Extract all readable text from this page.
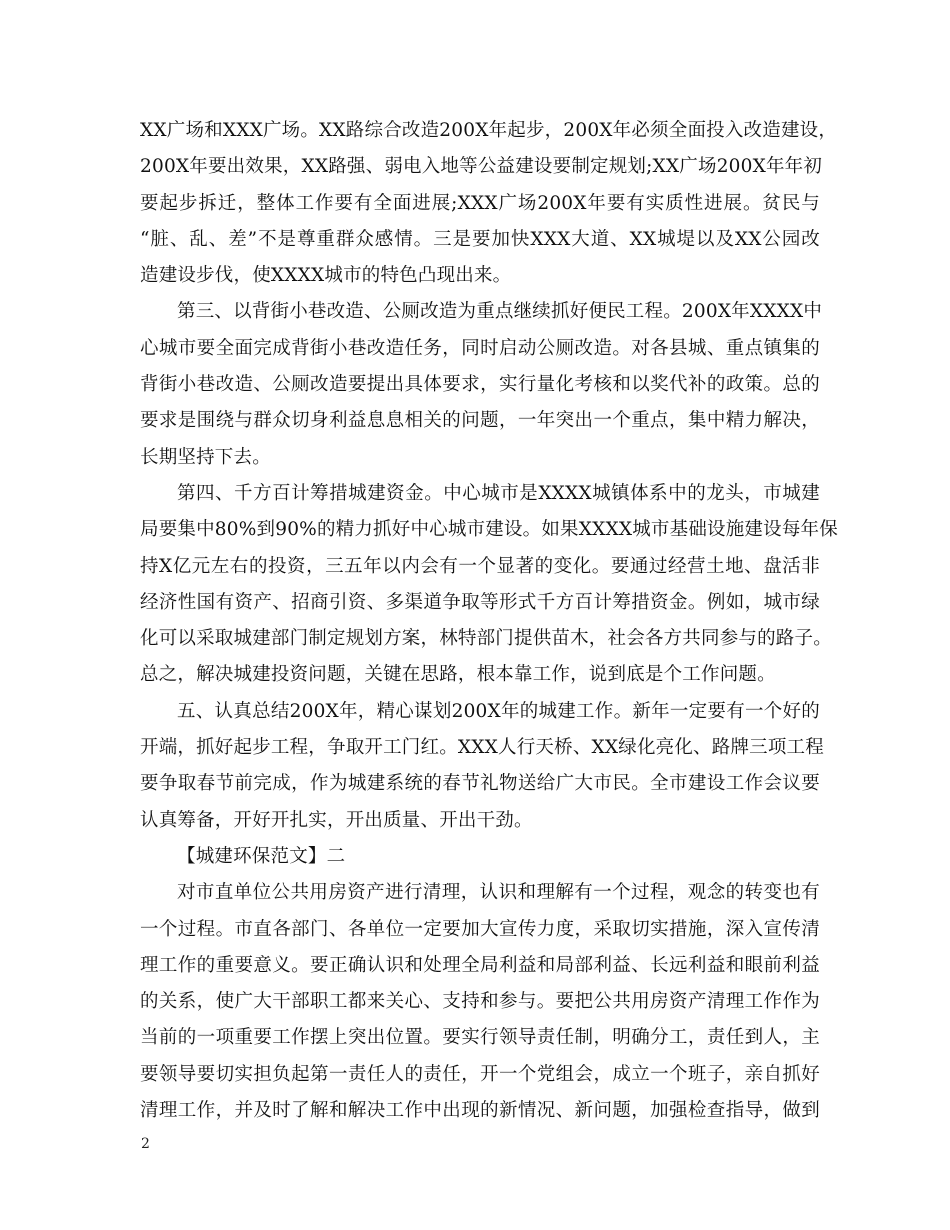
XX广场和XXX广场。XX路综合改造200X年起步，200X年必须全面投入改造建设，
200X年要出效果，XX路强、弱电入地等公益建设要制定规划;XX广场200X年年初
要起步拆迁，整体工作要有全面进展;XXX广场200X年要有实质性进展。贫民与
“脏、乱、差”不是尊重群众感情。三是要加快XXX大道、XX城堤以及XX公园改
造建设步伐，使XXXX城市的特色凸现出来。
第三、以背街小巷改造、公厕改造为重点继续抓好便民工程。200X年XXXX中
心城市要全面完成背街小巷改造任务，同时启动公厕改造。对各县城、重点镇集的
背街小巷改造、公厕改造要提出具体要求，实行量化考核和以奖代补的政策。总的
要求是围绕与群众切身利益息息相关的问题，一年突出一个重点，集中精力解决，
长期坚持下去。
第四、千方百计筹措城建资金。中心城市是XXXX城镇体系中的龙头，市城建
局要集中80%到90%的精力抓好中心城市建设。如果XXXX城市基础设施建设每年保
持X亿元左右的投资，三五年以内会有一个显著的变化。要通过经营土地、盘活非
经济性国有资产、招商引资、多渠道争取等形式千方百计筹措资金。例如，城市绿
化可以采取城建部门制定规划方案，林特部门提供苗木，社会各方共同参与的路子。
总之，解决城建投资问题，关键在思路，根本靠工作，说到底是个工作问题。
五、认真总结200X年，精心谋划200X年的城建工作。新年一定要有一个好的
开端，抓好起步工程，争取开工门红。XXX人行天桥、XX绿化亮化、路牌三项工程
要争取春节前完成，作为城建系统的春节礼物送给广大市民。全市建设工作会议要
认真筹备，开好开扎实，开出质量、开出干劲。
【城建环保范文】二
对市直单位公共用房资产进行清理，认识和理解有一个过程，观念的转变也有
一个过程。市直各部门、各单位一定要加大宣传力度，采取切实措施，深入宣传清
理工作的重要意义。要正确认识和处理全局利益和局部利益、长远利益和眼前利益
的关系，使广大干部职工都来关心、支持和参与。要把公共用房资产清理工作作为
当前的一项重要工作摆上突出位置。要实行领导责任制，明确分工，责任到人，主
要领导要切实担负起第一责任人的责任，开一个党组会，成立一个班子，亲自抓好
清理工作，并及时了解和解决工作中出现的新情况、新问题，加强检查指导，做到
2
